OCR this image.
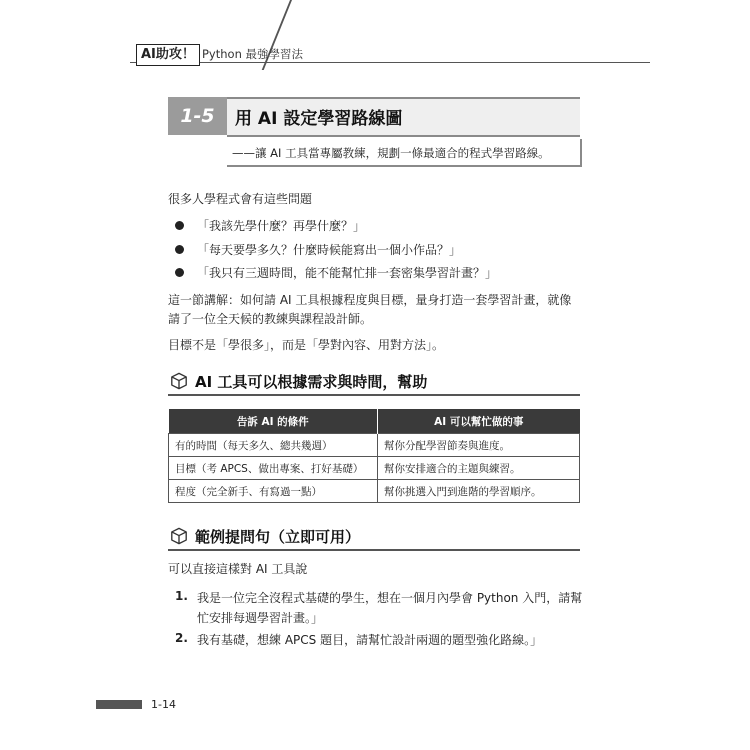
AI助攻！ Python 最強學習法
1-5	用 AI 設定學習路線圖
——讓 AI 工具當專屬教練，規劃一條最適合的程式學習路線。
很多人學程式會有這些問題
「我該先學什麼？再學什麼？」
「每天要學多久？什麼時候能寫出一個小作品？」
「我只有三週時間，能不能幫忙排一套密集學習計畫？」
這一節講解：如何請 AI 工具根據程度與目標，量身打造一套學習計畫，就像
請了一位全天候的教練與課程設計師。
目標不是「學很多」，而是「學對內容、用對方法」。
AI 工具可以根據需求與時間，幫助
告訴 AI 的條件	AI 可以幫忙做的事
有的時間（每天多久、總共幾週）	幫你分配學習節奏與進度。
目標（考 APCS、做出專案、打好基礎）	幫你安排適合的主題與練習。
程度（完全新手、有寫過一點）	幫你挑選入門到進階的學習順序。
範例提問句（立即可用）
可以直接這樣對 AI 工具說
1. 我是一位完全沒程式基礎的學生，想在一個月內學會 Python 入門，請幫
忙安排每週學習計畫。」
2. 我有基礎，想練 APCS 題目，請幫忙設計兩週的題型強化路線。」
1-14
